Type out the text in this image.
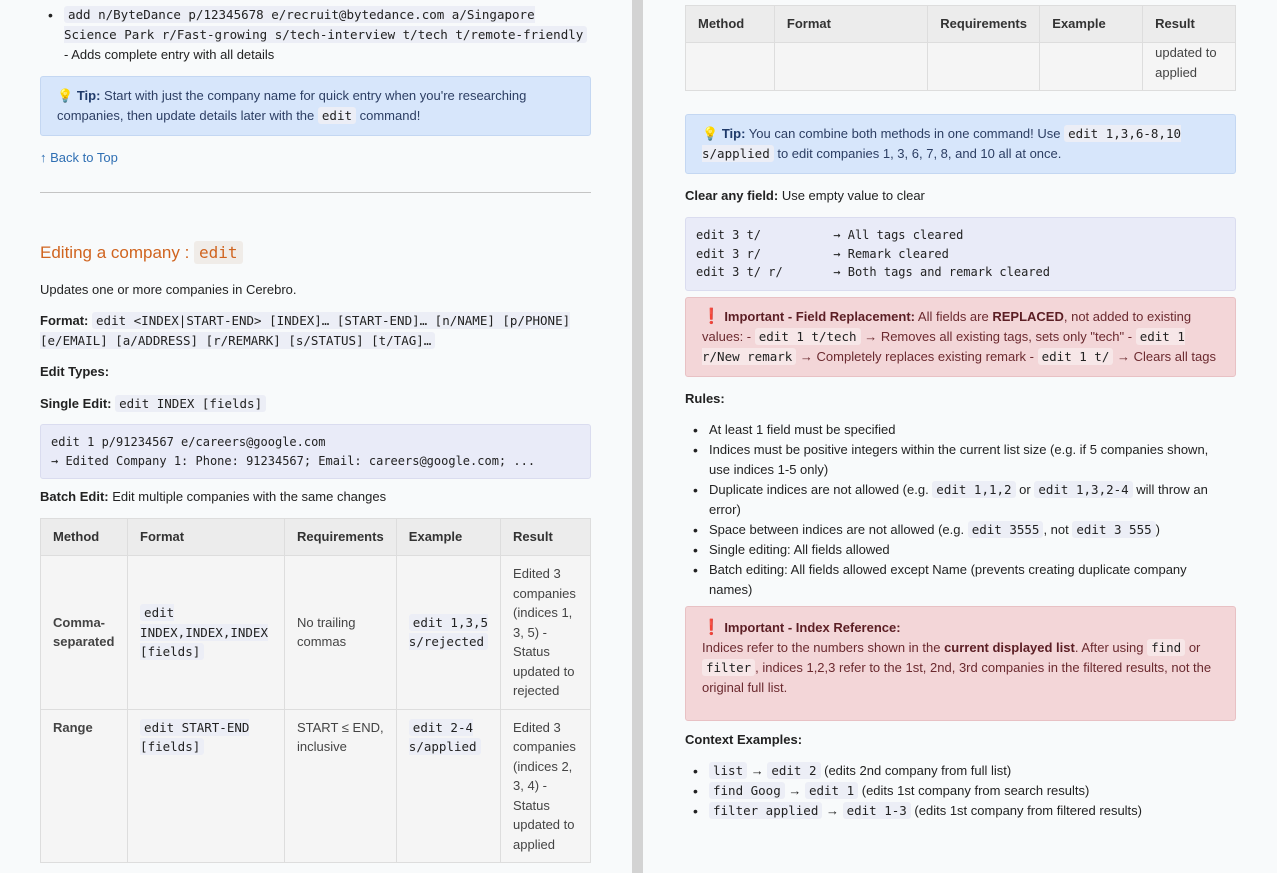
• add n/ByteDance p/12345678 e/recruit@bytedance.com a/Singapore Science Park r/Fast-growing s/tech-interview t/tech t/remote-friendly - Adds complete entry with all details
💡 Tip: Start with just the company name for quick entry when you're researching companies, then update details later with the edit command!
↑ Back to Top
Editing a company : edit

Updates one or more companies in Cerebro.

Format: edit <INDEX|START-END> [INDEX]… [START-END]… [n/NAME] [p/PHONE] [e/EMAIL] [a/ADDRESS] [r/REMARK] [s/STATUS] [t/TAG]…

Edit Types:

Single Edit: edit INDEX [fields]

edit 1 p/91234567 e/careers@google.com
→ Edited Company 1: Phone: 91234567; Email: careers@google.com; ...

Batch Edit: Edit multiple companies with the same changes

Method	Format	Requirements	Example	Result
Comma-separated	edit INDEX,INDEX,INDEX [fields]	No trailing commas	edit 1,3,5 s/rejected	Edited 3 companies (indices 1, 3, 5) - Status updated to rejected
Range	edit START-END [fields]	START ≤ END, inclusive	edit 2-4 s/applied	Edited 3 companies (indices 2, 3, 4) - Status updated to applied
Method	Format	Requirements	Example	Result
				updated to applied
💡 Tip: You can combine both methods in one command! Use edit 1,3,6-8,10 s/applied to edit companies 1, 3, 6, 7, 8, and 10 all at once.

Clear any field: Use empty value to clear

edit 3 t/          → All tags cleared
edit 3 r/          → Remark cleared
edit 3 t/ r/       → Both tags and remark cleared
❗ Important - Field Replacement: All fields are REPLACED, not added to existing values: - edit 1 t/tech → Removes all existing tags, sets only "tech" - edit 1 r/New remark → Completely replaces existing remark - edit 1 t/ → Clears all tags

Rules:

• At least 1 field must be specified
• Indices must be positive integers within the current list size (e.g. if 5 companies shown, use indices 1-5 only)
• Duplicate indices are not allowed (e.g. edit 1,1,2 or edit 1,3,2-4 will throw an error)
• Space between indices are not allowed (e.g. edit 3555 , not edit 3 555 )
• Single editing: All fields allowed
• Batch editing: All fields allowed except Name (prevents creating duplicate company names)
❗ Important - Index Reference:
Indices refer to the numbers shown in the current displayed list. After using find or filter , indices 1,2,3 refer to the 1st, 2nd, 3rd companies in the filtered results, not the original full list.

Context Examples:

• list → edit 2 (edits 2nd company from full list)
• find Goog → edit 1 (edits 1st company from search results)
• filter applied → edit 1-3 (edits 1st company from filtered results)
